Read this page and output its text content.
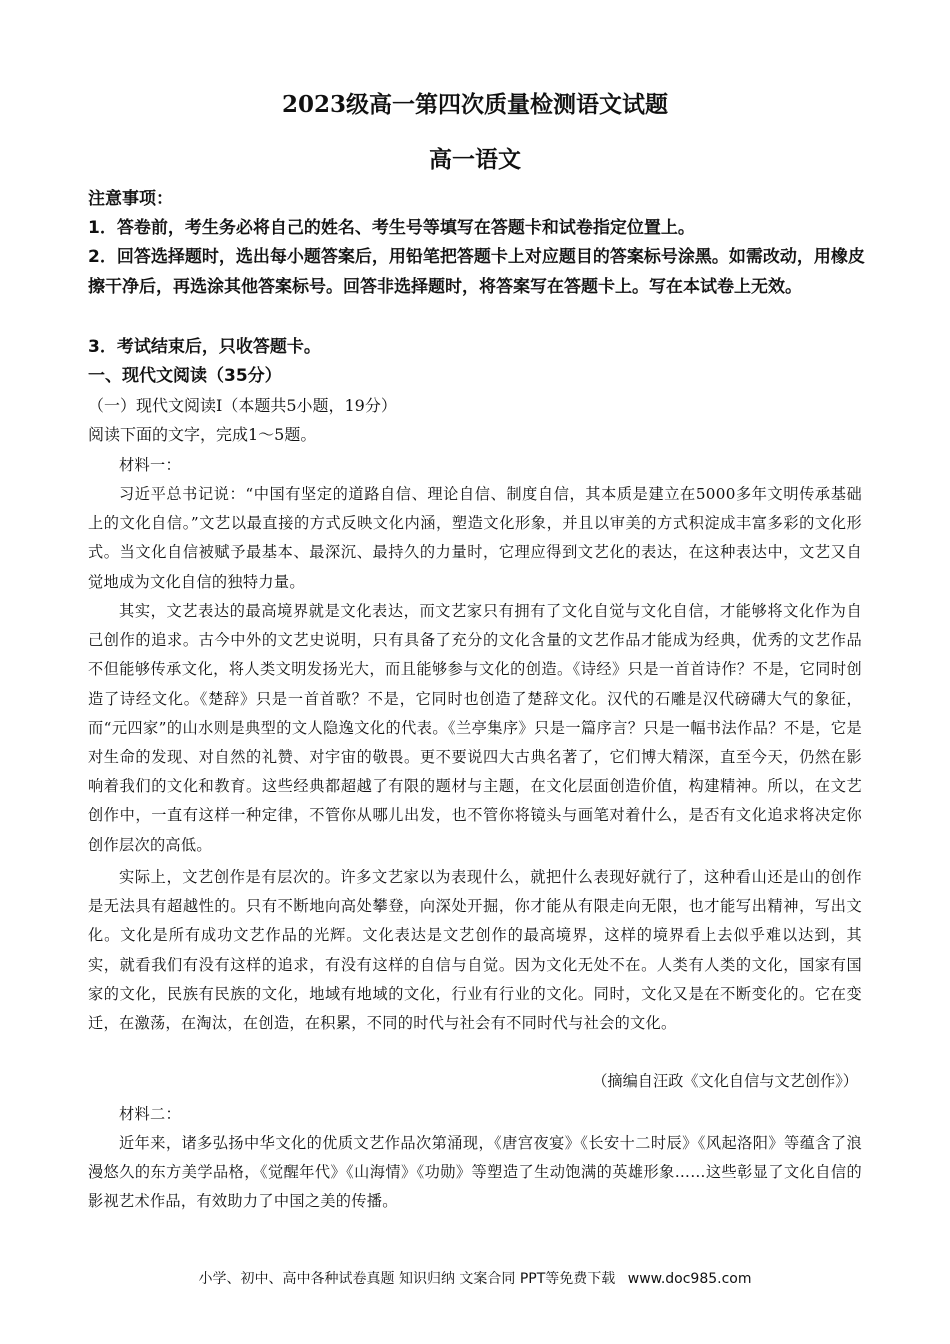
2023级高一第四次质量检测语文试题
高一语文
注意事项：
1．答卷前，考生务必将自己的姓名、考生号等填写在答题卡和试卷指定位置上。
2．回答选择题时，选出每小题答案后，用铅笔把答题卡上对应题目的答案标号涂黑。如需改动，用橡皮擦干净后，再选涂其他答案标号。回答非选择题时，将答案写在答题卡上。写在本试卷上无效。
3．考试结束后，只收答题卡。
一、现代文阅读（35分）
（一）现代文阅读Ⅰ（本题共5小题，19分）
阅读下面的文字，完成1～5题。
材料一：
习近平总书记说：“中国有坚定的道路自信、理论自信、制度自信，其本质是建立在5000多年文明传承基础上的文化自信。”文艺以最直接的方式反映文化内涵，塑造文化形象，并且以审美的方式积淀成丰富多彩的文化形式。当文化自信被赋予最基本、最深沉、最持久的力量时，它理应得到文艺化的表达，在这种表达中，文艺又自觉地成为文化自信的独特力量。
其实，文艺表达的最高境界就是文化表达，而文艺家只有拥有了文化自觉与文化自信，才能够将文化作为自己创作的追求。古今中外的文艺史说明，只有具备了充分的文化含量的文艺作品才能成为经典，优秀的文艺作品不但能够传承文化，将人类文明发扬光大，而且能够参与文化的创造。《诗经》只是一首首诗作？不是，它同时创造了诗经文化。《楚辞》只是一首首歌？不是，它同时也创造了楚辞文化。汉代的石雕是汉代磅礴大气的象征，而“元四家”的山水则是典型的文人隐逸文化的代表。《兰亭集序》只是一篇序言？只是一幅书法作品？不是，它是对生命的发现、对自然的礼赞、对宇宙的敬畏。更不要说四大古典名著了，它们博大精深，直至今天，仍然在影响着我们的文化和教育。这些经典都超越了有限的题材与主题，在文化层面创造价值，构建精神。所以，在文艺创作中，一直有这样一种定律，不管你从哪儿出发，也不管你将镜头与画笔对着什么，是否有文化追求将决定你创作层次的高低。
实际上，文艺创作是有层次的。许多文艺家以为表现什么，就把什么表现好就行了，这种看山还是山的创作是无法具有超越性的。只有不断地向高处攀登，向深处开掘，你才能从有限走向无限，也才能写出精神，写出文化。文化是所有成功文艺作品的光辉。文化表达是文艺创作的最高境界，这样的境界看上去似乎难以达到，其实，就看我们有没有这样的追求，有没有这样的自信与自觉。因为文化无处不在。人类有人类的文化，国家有国家的文化，民族有民族的文化，地域有地域的文化，行业有行业的文化。同时，文化又是在不断变化的。它在变迁，在激荡，在淘汰，在创造，在积累，不同的时代与社会有不同时代与社会的文化。
（摘编自汪政《文化自信与文艺创作》）
材料二：
近年来，诸多弘扬中华文化的优质文艺作品次第涌现，《唐宫夜宴》《长安十二时辰》《风起洛阳》等蕴含了浪漫悠久的东方美学品格，《觉醒年代》《山海情》《功勋》等塑造了生动饱满的英雄形象……这些彰显了文化自信的影视艺术作品，有效助力了中国之美的传播。
小学、初中、高中各种试卷真题 知识归纳 文案合同 PPT等免费下载 www.doc985.com
